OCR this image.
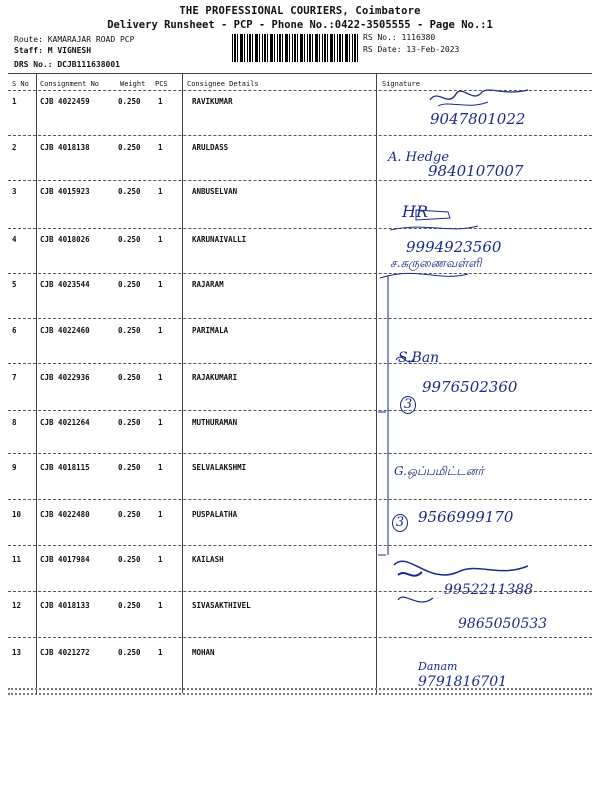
THE PROFESSIONAL COURIERS, Coimbatore
Delivery Runsheet - PCP - Phone No.:0422-3505555 - Page No.:1
Route: KAMARAJAR ROAD PCP
Staff: M VIGNESH
DRS No.: DCJB111638001
RS No.: 1116380
RS Date: 13-Feb-2023
S No Consignment No	Weight PCS	Consignee Details	Signature
1	CJB 4022459	0.250 1	RAVIKUMAR
2	CJB 4018138	0.250 1	ARULDASS
3	CJB 4015923	0.250 1	ANBUSELVAN
4	CJB 4018026	0.250 1	KARUNAIVALLI
5	CJB 4023544	0.250 1	RAJARAM
6	CJB 4022460	0.250 1	PARIMALA
7	CJB 4022936	0.250 1	RAJAKUMARI
8	CJB 4021264	0.250 1	MUTHURAMAN
9	CJB 4018115	0.250 1	SELVALAKSHMI
10	CJB 4022480	0.250 1	PUSPALATHA
11	CJB 4017984	0.250 1	KAILASH
12	CJB 4018133	0.250 1	SIVASAKTHIVEL
13	CJB 4021272	0.250 1	MOHAN
9047801022
A. Hedge
9840107007
HR
9994923560
ச.கருணைவள்ளி
S.Ban
3
9976502360
G.ஒப்பமிட்டனர்
3 9566999170
9952211388
9865050533
Danam
9791816701
